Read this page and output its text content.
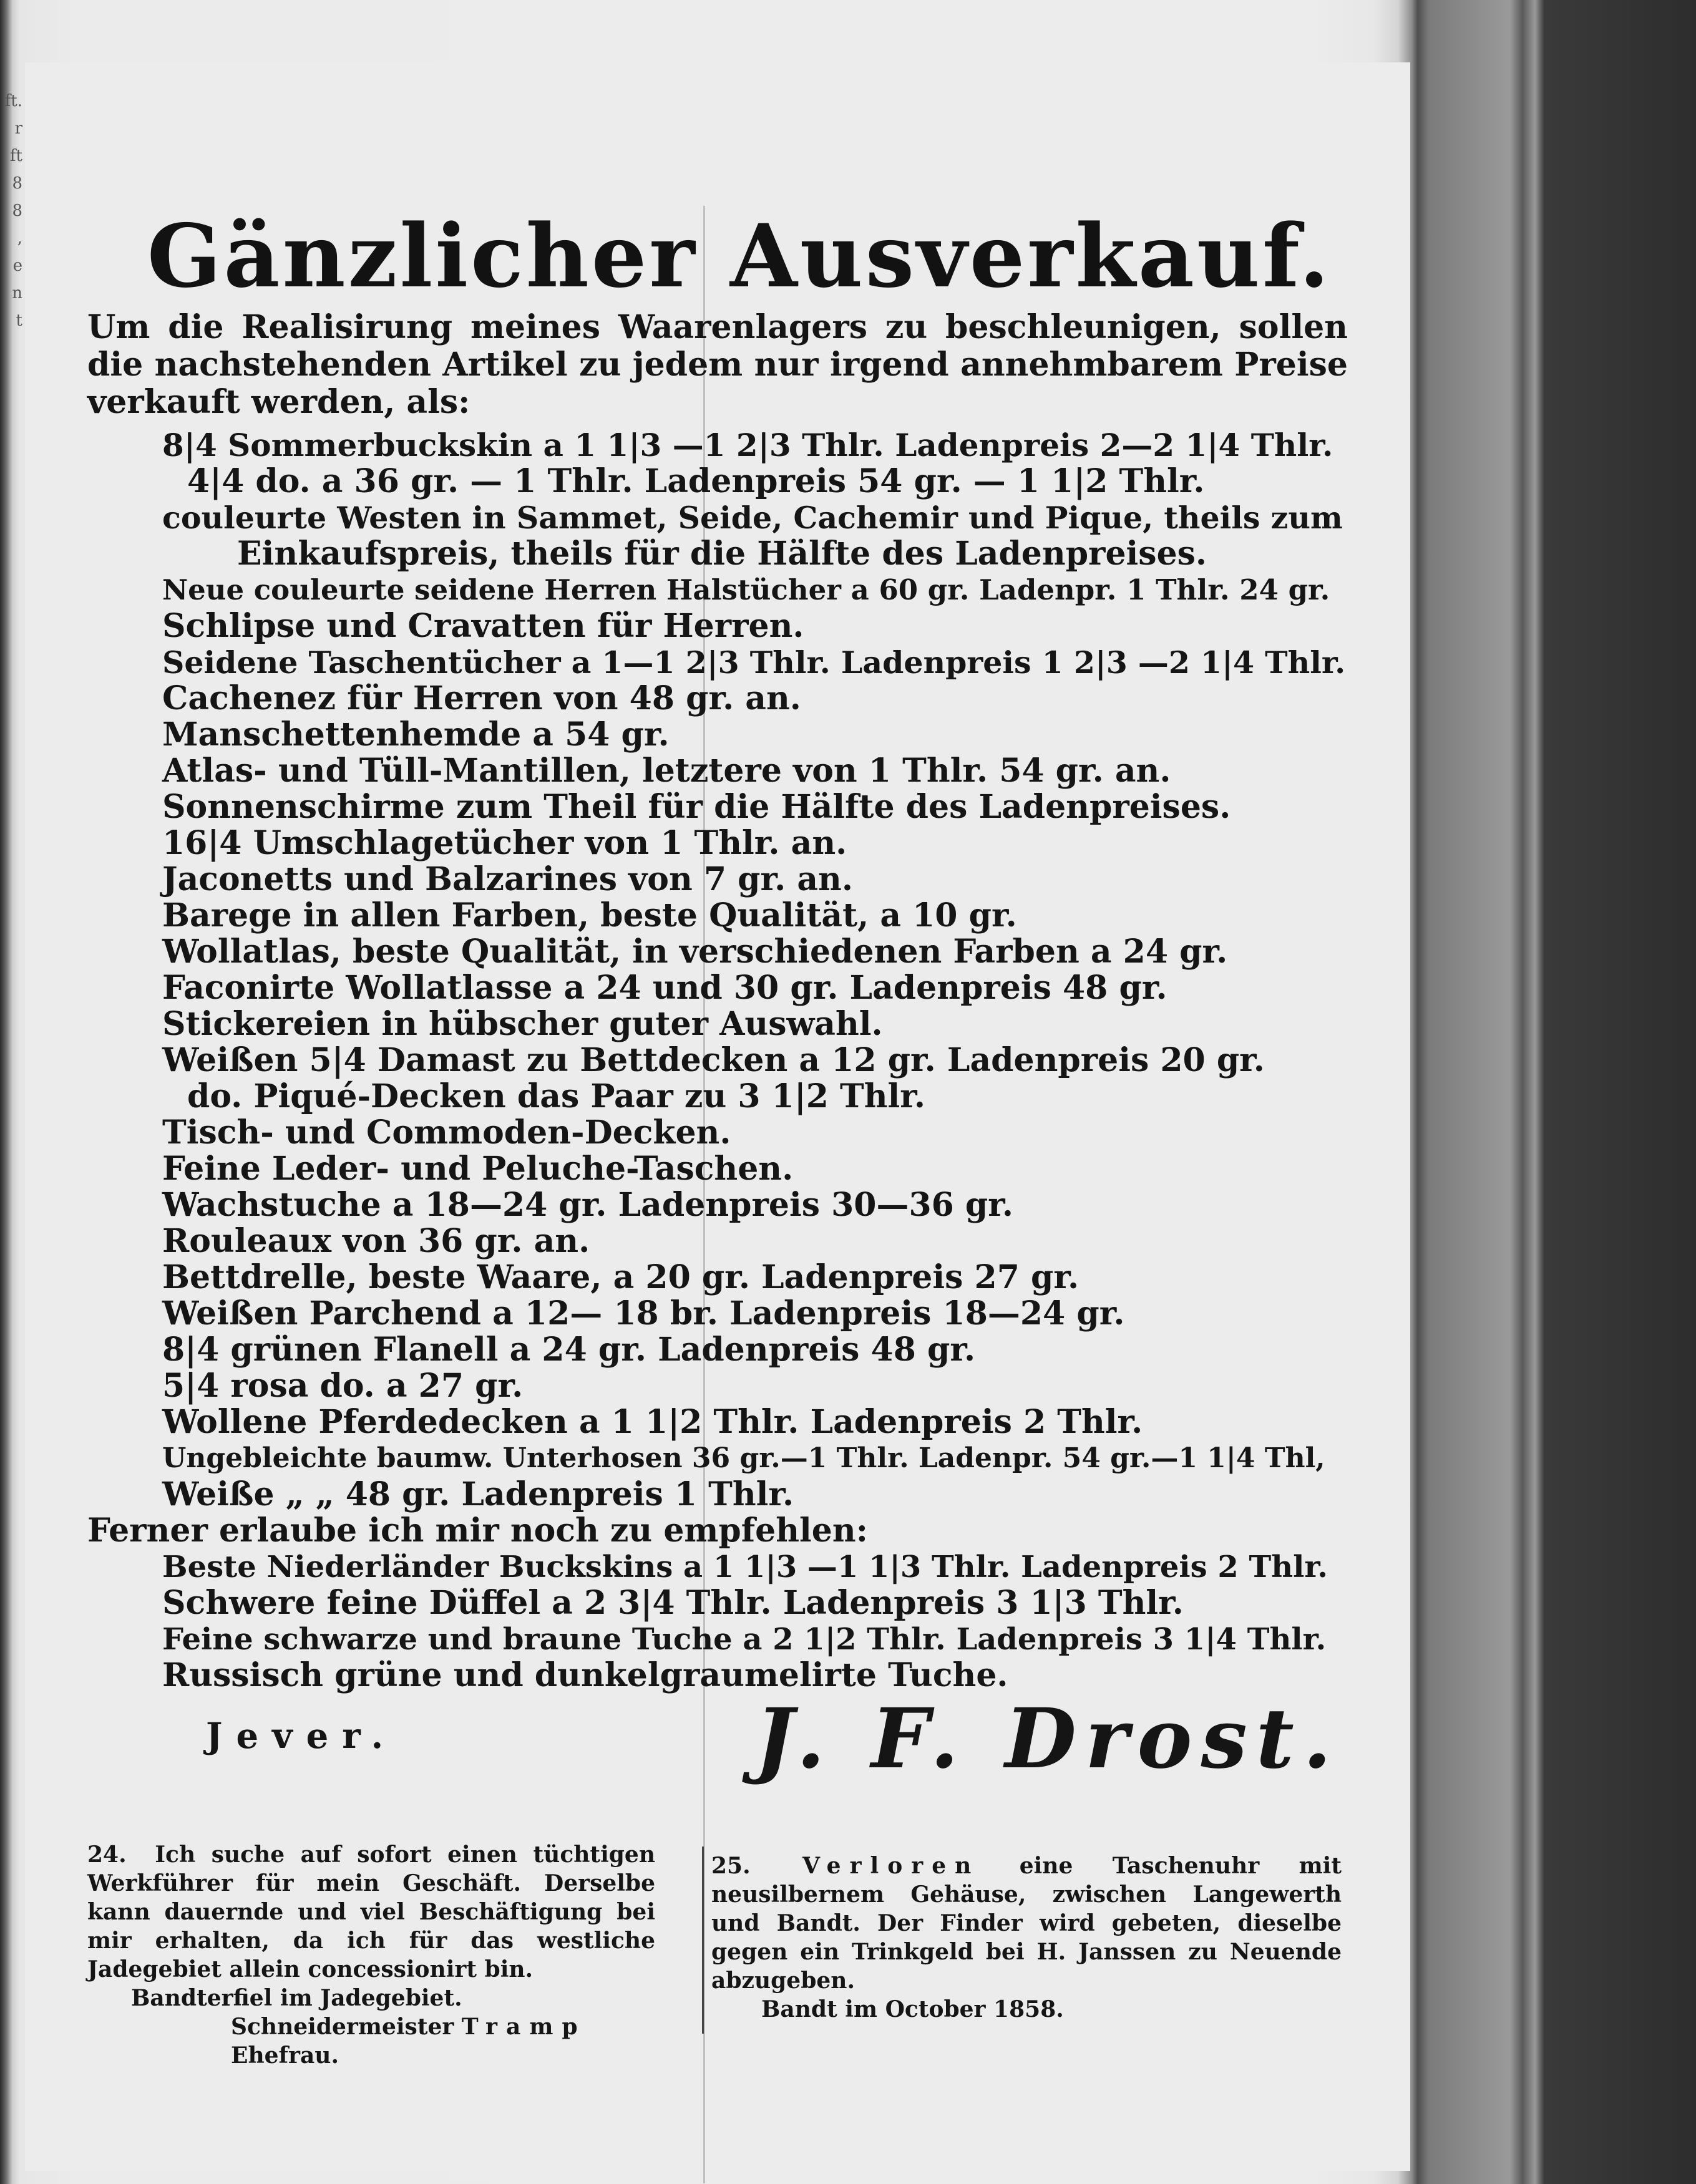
ft.
r
ft
8
8
,
e
n
t

Gänzlicher Ausverkauf.
Um die Realisirung meines Waarenlagers zu beschleunigen, sollen die nachstehenden Artikel zu jedem nur irgend annehmbarem Preise verkauft werden, als:

8|4 Sommerbuckskin a 1 1|3 —1 2|3 Thlr. Ladenpreis 2—2 1|4 Thlr.

4|4 do. a 36 gr. — 1 Thlr. Ladenpreis 54 gr. — 1 1|2 Thlr.

couleurte Westen in Sammet, Seide, Cachemir und Pique, theils zum

Einkaufspreis, theils für die Hälfte des Ladenpreises.

Neue couleurte seidene Herren Halstücher a 60 gr. Ladenpr. 1 Thlr. 24 gr.

Schlipse und Cravatten für Herren.

Seidene Taschentücher a 1—1 2|3 Thlr. Ladenpreis 1 2|3 —2 1|4 Thlr.

Cachenez für Herren von 48 gr. an.

Manschettenhemde a 54 gr.

Atlas- und Tüll-Mantillen, letztere von 1 Thlr. 54 gr. an.

Sonnenschirme zum Theil für die Hälfte des Ladenpreises.

16|4 Umschlagetücher von 1 Thlr. an.

Jaconetts und Balzarines von 7 gr. an.

Barege in allen Farben, beste Qualität, a 10 gr.

Wollatlas, beste Qualität, in verschiedenen Farben a 24 gr.

Faconirte Wollatlasse a 24 und 30 gr. Ladenpreis 48 gr.

Stickereien in hübscher guter Auswahl.

Weißen 5|4 Damast zu Bettdecken a 12 gr. Ladenpreis 20 gr.

do. Piqué-Decken das Paar zu 3 1|2 Thlr.

Tisch- und Commoden-Decken.

Feine Leder- und Peluche-Taschen.

Wachstuche a 18—24 gr. Ladenpreis 30—36 gr.

Rouleaux von 36 gr. an.

Bettdrelle, beste Waare, a 20 gr. Ladenpreis 27 gr.

Weißen Parchend a 12— 18 br. Ladenpreis 18—24 gr.

8|4 grünen Flanell a 24 gr. Ladenpreis 48 gr.

5|4 rosa do. a 27 gr.

Wollene Pferdedecken a 1 1|2 Thlr. Ladenpreis 2 Thlr.

Ungebleichte baumw. Unterhosen 36 gr.—1 Thlr. Ladenpr. 54 gr.—1 1|4 Thl,

Weiße „ „ 48 gr. Ladenpreis 1 Thlr.

Ferner erlaube ich mir noch zu empfehlen:

Beste Niederländer Buckskins a 1 1|3 —1 1|3 Thlr. Ladenpreis 2 Thlr.

Schwere feine Düffel a 2 3|4 Thlr. Ladenpreis 3 1|3 Thlr.

Feine schwarze und braune Tuche a 2 1|2 Thlr. Ladenpreis 3 1|4 Thlr.

Russisch grüne und dunkelgraumelirte Tuche.

Jever.	J. F. Drost.

24. Ich suche auf sofort einen tüchtigen Werkführer für mein Geschäft. Derselbe kann dauernde und viel Beschäftigung bei mir erhalten, da ich für das westliche Jadegebiet allein concessionirt bin.

Bandterfiel im Jadegebiet.

Schneidermeister Tramp Ehefrau.

25. Verloren eine Taschenuhr mit neusilbernem Gehäuse, zwischen Langewerth und Bandt. Der Finder wird gebeten, dieselbe gegen ein Trinkgeld bei H. Janssen zu Neuende abzugeben.

Bandt im October 1858.
